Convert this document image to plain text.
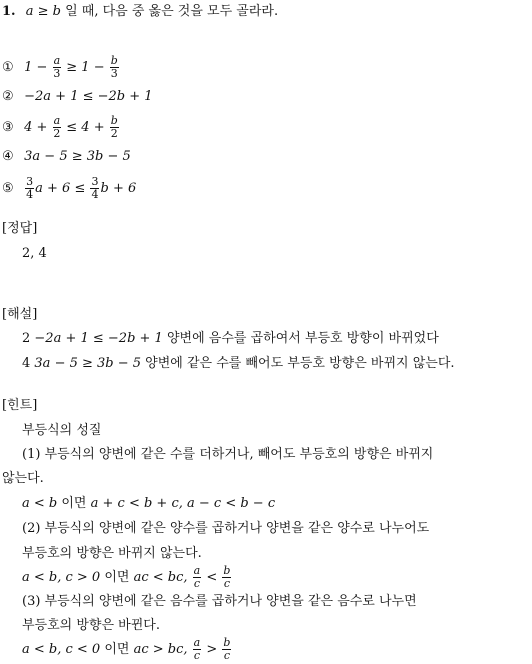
1. a ≥ b 일 때, 다음 중 옳은 것을 모두 골라라.
① $1 - \frac{a}{3} \ge 1 - \frac{b}{3}$
② −2a + 1 ≤ −2b + 1
③ $4 + \frac{a}{2} \le 4 + \frac{b}{2}$
④ 3a − 5 ≥ 3b − 5
⑤ $\frac{3}{4}$ $a + 6 \le \frac{3}{4}$ b + 6
[정답]
2, 4
[해설]
2 −2a + 1 ≤ −2b + 1 양변에 음수를 곱하여서 부등호 방향이 바뀌었다
4 3a − 5 ≥ 3b − 5 양변에 같은 수를 빼어도 부등호 방향은 바뀌지 않는다.
[힌트]
부등식의 성질
(1) 부등식의 양변에 같은 수를 더하거나, 빼어도 부등호의 방향은 바뀌지
않는다.
a < b 이면 a + c < b + c, a − c < b − c
(2) 부등식의 양변에 같은 양수를 곱하거나 양변을 같은 양수로 나누어도
부등호의 방향은 바뀌지 않는다.
a < b, c > 0 이면 ac < bc, $\frac{a}{c} < \frac{b}{c}$
(3) 부등식의 양변에 같은 음수를 곱하거나 양변을 같은 음수로 나누면
부등호의 방향은 바뀐다.
a < b, c < 0 이면 ac > bc, $\frac{a}{c} > \frac{b}{c}$
